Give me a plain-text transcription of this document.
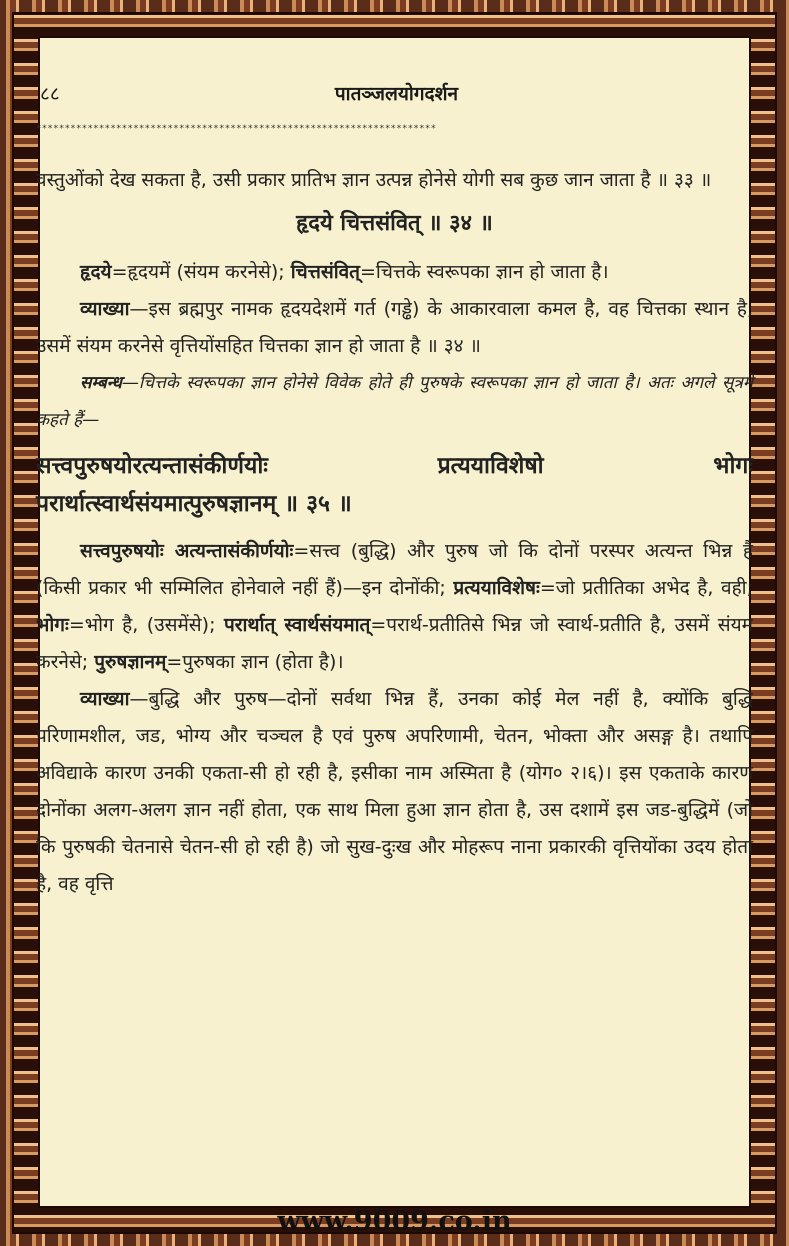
८८	पातञ्जलयोगदर्शन
**********************************************************************

वस्तुओंको देख सकता है, उसी प्रकार प्रातिभ ज्ञान उत्पन्न होनेसे योगी सब कुछ जान जाता है ॥ ३३ ॥

हृदये चित्तसंवित् ॥ ३४ ॥

हृदये=हृदयमें (संयम करनेसे); चित्तसंवित्=चित्तके स्वरूपका ज्ञान हो जाता है।

व्याख्या—इस ब्रह्मपुर नामक हृदयदेशमें गर्त (गड्ढे) के आकारवाला कमल है, वह चित्तका स्थान है, उसमें संयम करनेसे वृत्तियोंसहित चित्तका ज्ञान हो जाता है ॥ ३४ ॥

सम्बन्ध—चित्तके स्वरूपका ज्ञान होनेसे विवेक होते ही पुरुषके स्वरूपका ज्ञान हो जाता है। अतः अगले सूत्रमें कहते हैं—

सत्त्वपुरुषयोरत्यन्तासंकीर्णयोः प्रत्ययाविशेषो भोगः
परार्थात्स्वार्थसंयमात्पुरुषज्ञानम् ॥ ३५ ॥

सत्त्वपुरुषयोः अत्यन्तासंकीर्णयोः=सत्त्व (बुद्धि) और पुरुष जो कि दोनों परस्पर अत्यन्त भिन्न हैं (किसी प्रकार भी सम्मिलित होनेवाले नहीं हैं)—इन दोनोंकी; प्रत्ययाविशेषः=जो प्रतीतिका अभेद है, वही; भोगः=भोग है, (उसमेंसे); परार्थात् स्वार्थसंयमात्=परार्थ-प्रतीतिसे भिन्न जो स्वार्थ-प्रतीति है, उसमें संयम करनेसे; पुरुषज्ञानम्=पुरुषका ज्ञान (होता है)।

व्याख्या—बुद्धि और पुरुष—दोनों सर्वथा भिन्न हैं, उनका कोई मेल नहीं है, क्योंकि बुद्धि परिणामशील, जड, भोग्य और चञ्चल है एवं पुरुष अपरिणामी, चेतन, भोक्ता और असङ्ग है। तथापि अविद्याके कारण उनकी एकता-सी हो रही है, इसीका नाम अस्मिता है (योग० २।६)। इस एकताके कारण दोनोंका अलग-अलग ज्ञान नहीं होता, एक साथ मिला हुआ ज्ञान होता है, उस दशामें इस जड-बुद्धिमें (जो कि पुरुषकी चेतनासे चेतन-सी हो रही है) जो सुख-दुःख और मोहरूप नाना प्रकारकी वृत्तियोंका उदय होता है, वह वृत्ति

www.9009.co.in
